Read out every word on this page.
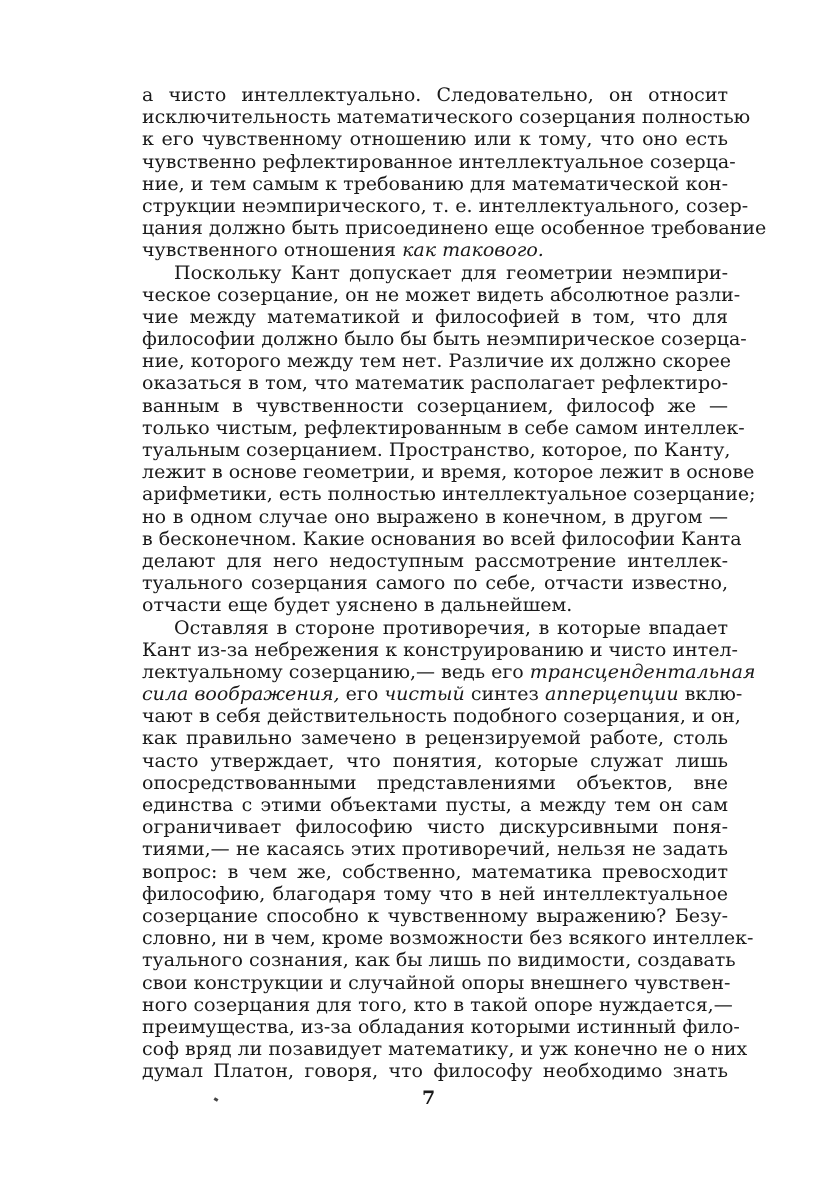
а чисто интеллектуально. Следовательно, он относит
исключительность математического созерцания полностью
к его чувственному отношению или к тому, что оно есть
чувственно рефлектированное интеллектуальное созерца-
ние, и тем самым к требованию для математической кон-
струкции неэмпирического, т. е. интеллектуального, созер-
цания должно быть присоединено еще особенное требование
чувственного отношения как такового.
Поскольку Кант допускает для геометрии неэмпири-
ческое созерцание, он не может видеть абсолютное разли-
чие между математикой и философией в том, что для
философии должно было бы быть неэмпирическое созерца-
ние, которого между тем нет. Различие их должно скорее
оказаться в том, что математик располагает рефлектиро-
ванным в чувственности созерцанием, философ же —
только чистым, рефлектированным в себе самом интеллек-
туальным созерцанием. Пространство, которое, по Канту,
лежит в основе геометрии, и время, которое лежит в основе
арифметики, есть полностью интеллектуальное созерцание;
но в одном случае оно выражено в конечном, в другом —
в бесконечном. Какие основания во всей философии Канта
делают для него недоступным рассмотрение интеллек-
туального созерцания самого по себе, отчасти известно,
отчасти еще будет уяснено в дальнейшем.
Оставляя в стороне противоречия, в которые впадает
Кант из-за небрежения к конструированию и чисто интел-
лектуальному созерцанию,— ведь его трансцендентальная
сила воображения, его чистый синтез апперцепции вклю-
чают в себя действительность подобного созерцания, и он,
как правильно замечено в рецензируемой работе, столь
часто утверждает, что понятия, которые служат лишь
опосредствованными представлениями объектов, вне
единства с этими объектами пусты, а между тем он сам
ограничивает философию чисто дискурсивными поня-
тиями,— не касаясь этих противоречий, нельзя не задать
вопрос: в чем же, собственно, математика превосходит
философию, благодаря тому что в ней интеллектуальное
созерцание способно к чувственному выражению? Безу-
словно, ни в чем, кроме возможности без всякого интеллек-
туального сознания, как бы лишь по видимости, создавать
свои конструкции и случайной опоры внешнего чувствен-
ного созерцания для того, кто в такой опоре нуждается,—
преимущества, из-за обладания которыми истинный фило-
соф вряд ли позавидует математику, и уж конечно не о них
думал Платон, говоря, что философу необходимо знать
7
